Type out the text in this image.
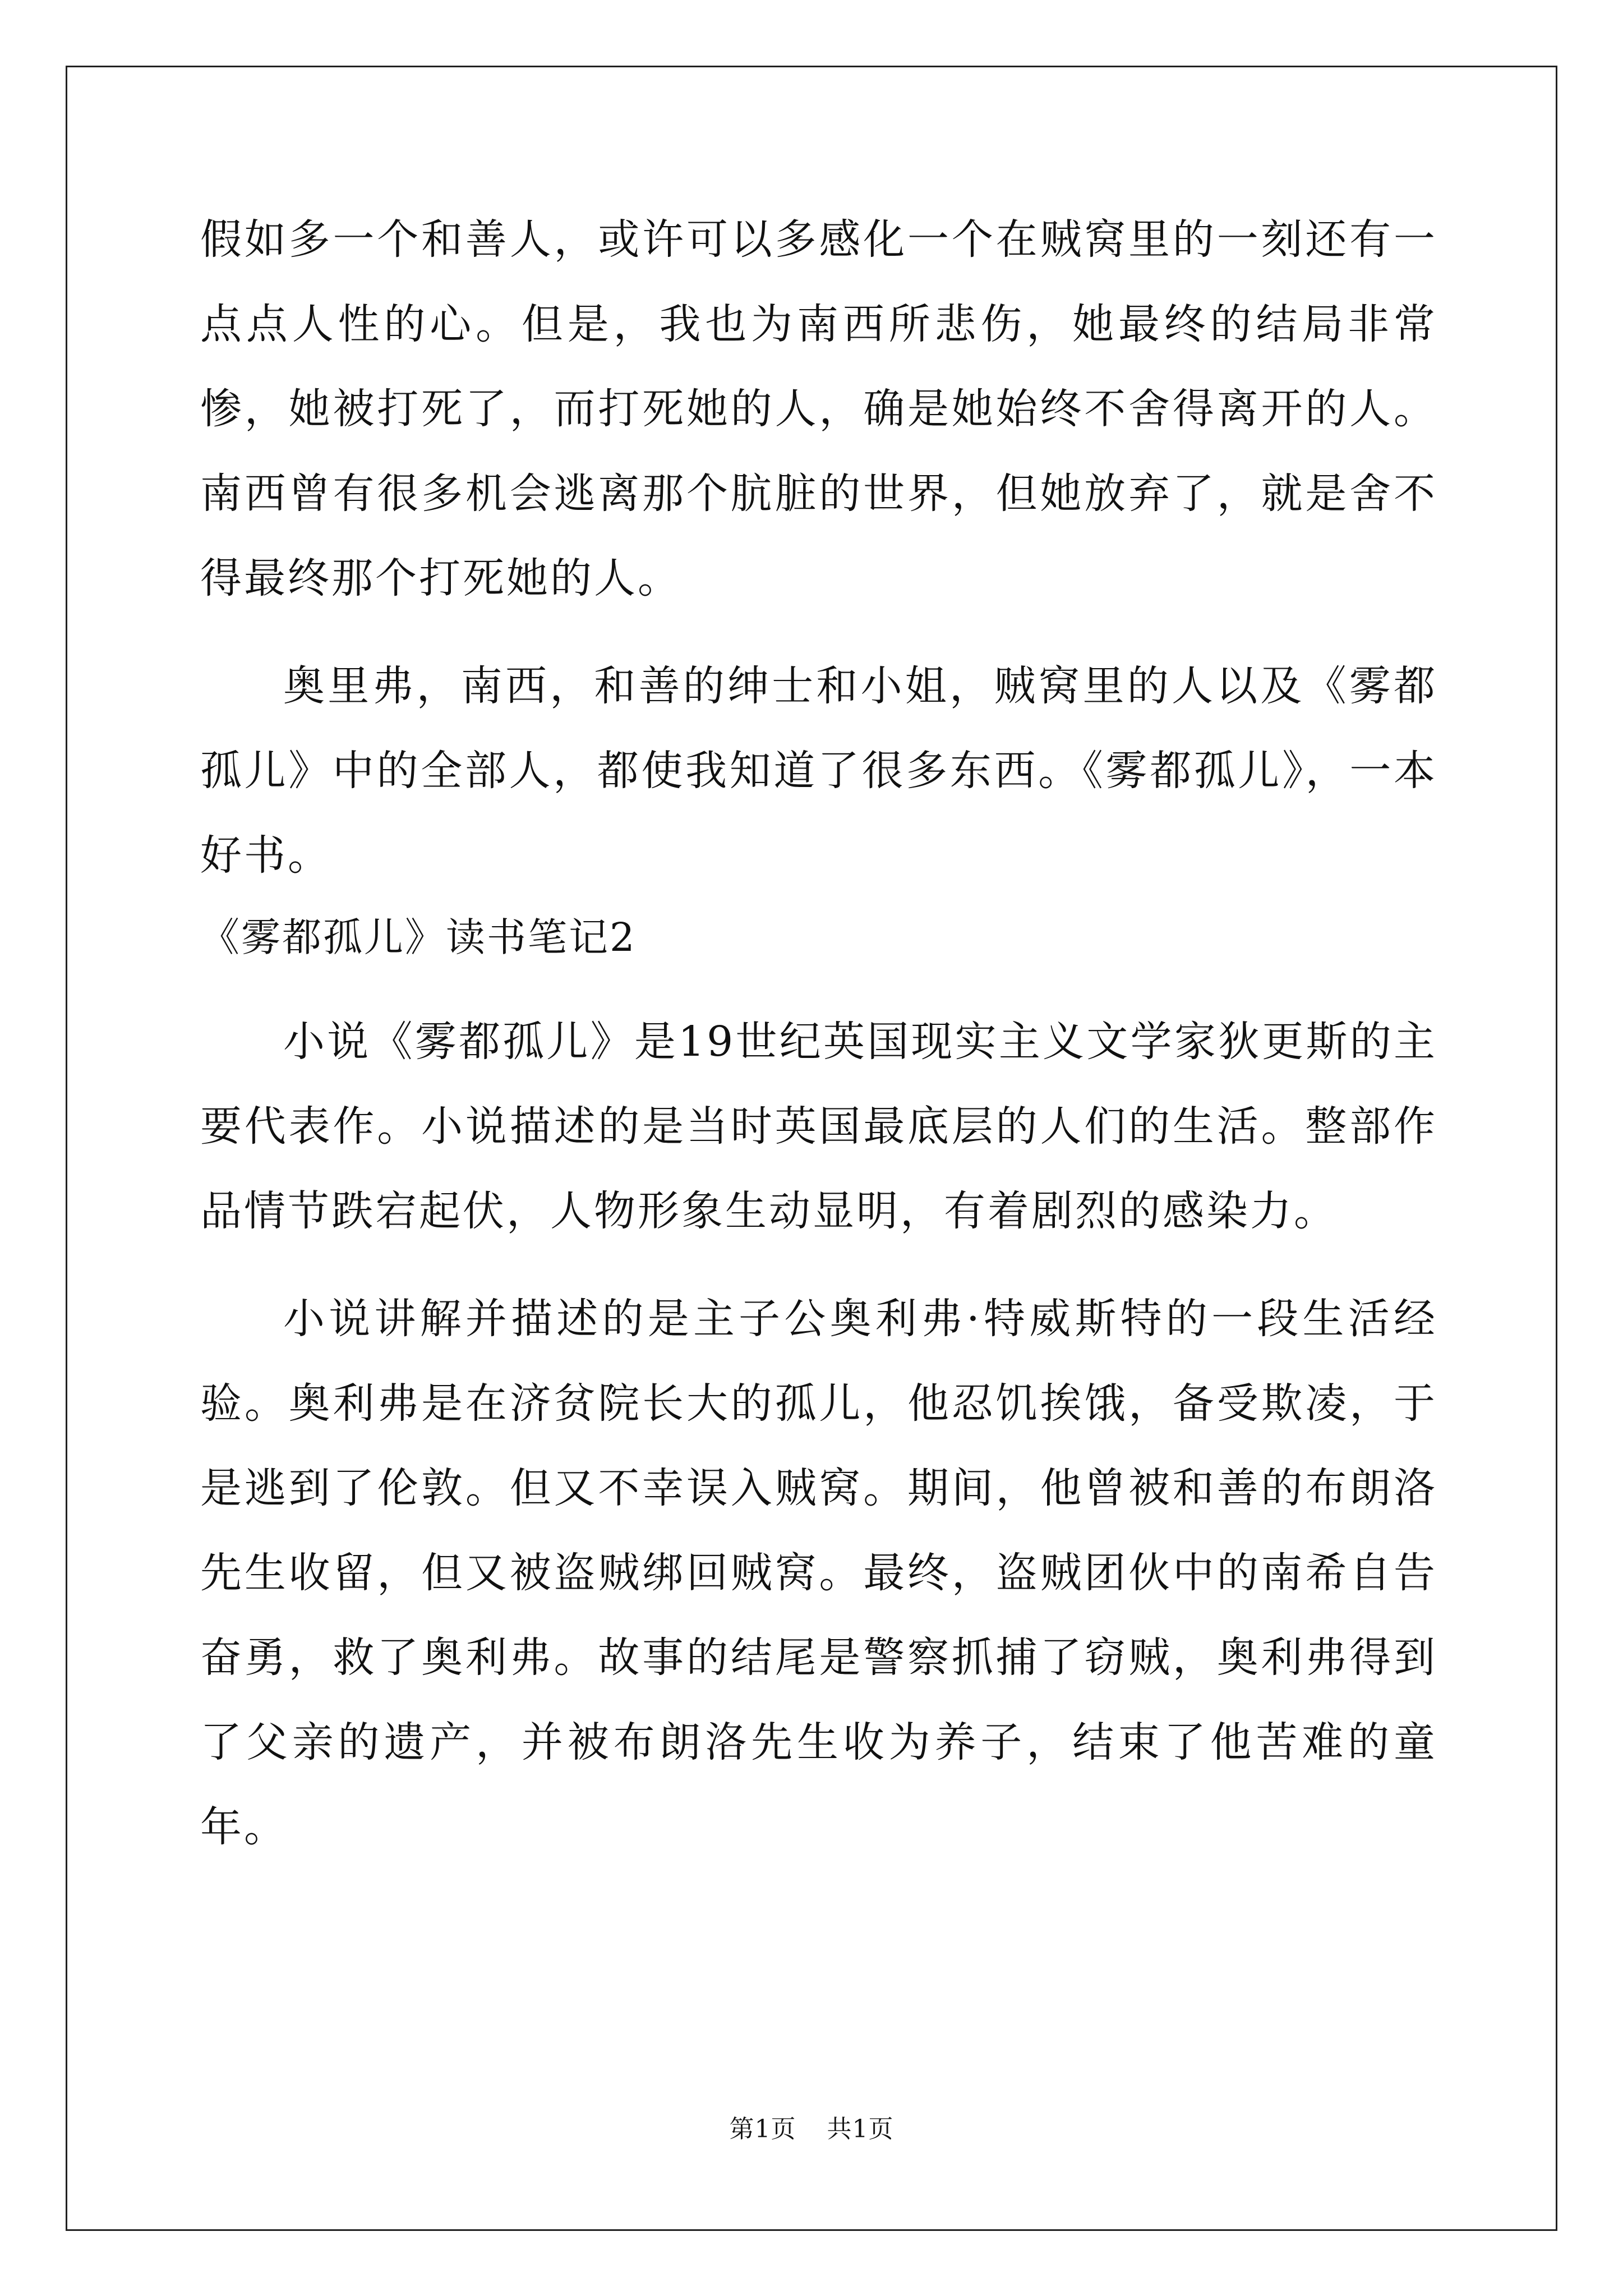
假如多一个和善人，或许可以多感化一个在贼窝里的一刻还有一点点人性的心。但是，我也为南西所悲伤，她最终的结局非常惨，她被打死了，而打死她的人，确是她始终不舍得离开的人。南西曾有很多机会逃离那个肮脏的世界，但她放弃了，就是舍不得最终那个打死她的人。

奥里弗，南西，和善的绅士和小姐，贼窝里的人以及《雾都孤儿》中的全部人，都使我知道了很多东西。《雾都孤儿》，一本好书。

《雾都孤儿》读书笔记2

小说《雾都孤儿》是19世纪英国现实主义文学家狄更斯的主要代表作。小说描述的是当时英国最底层的人们的生活。整部作品情节跌宕起伏，人物形象生动显明，有着剧烈的感染力。

小说讲解并描述的是主子公奥利弗·特威斯特的一段生活经验。奥利弗是在济贫院长大的孤儿，他忍饥挨饿，备受欺凌，于是逃到了伦敦。但又不幸误入贼窝。期间，他曾被和善的布朗洛先生收留，但又被盗贼绑回贼窝。最终，盗贼团伙中的南希自告奋勇，救了奥利弗。故事的结尾是警察抓捕了窃贼，奥利弗得到了父亲的遗产，并被布朗洛先生收为养子，结束了他苦难的童年。

第1页 共1页
